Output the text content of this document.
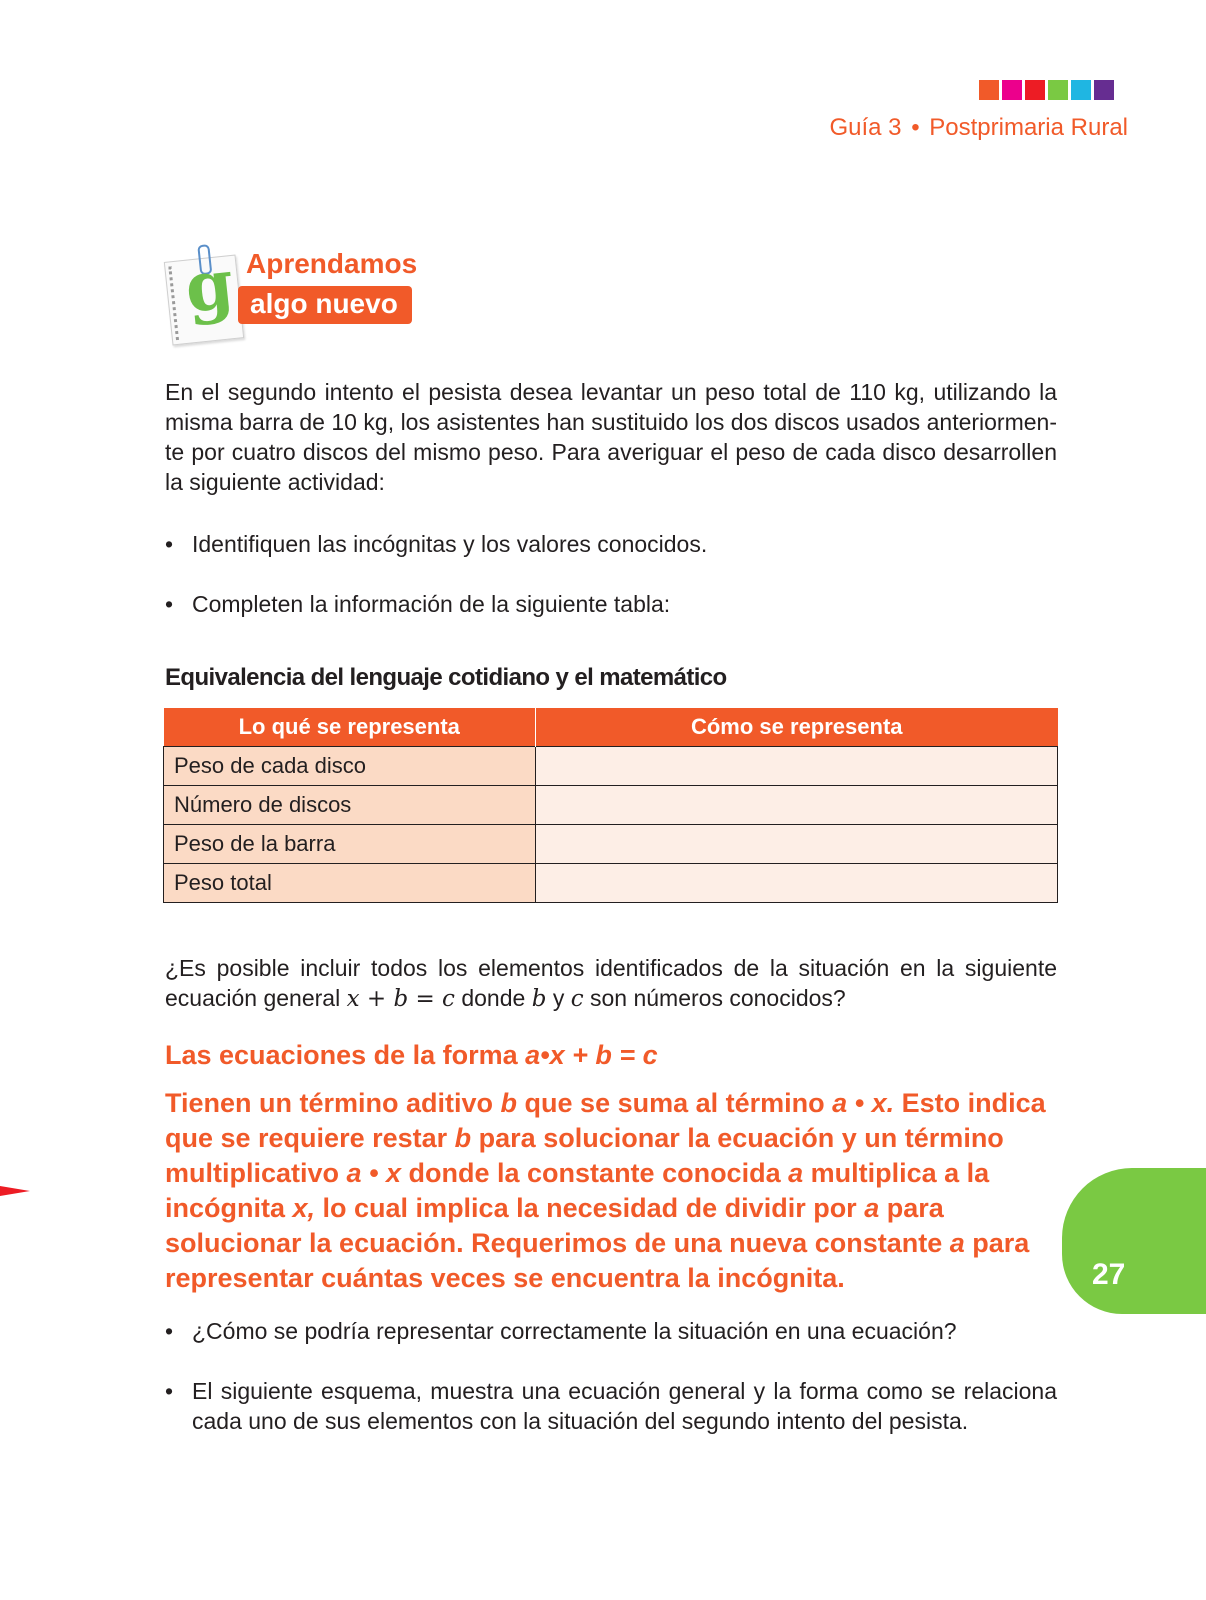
Guía 3 • Postprimaria Rural
g Aprendamos
algo nuevo
En el segundo intento el pesista desea levantar un peso total de 110 kg, utilizando la misma barra de 10 kg, los asistentes han sustituido los dos discos usados anteriormen-te por cuatro discos del mismo peso. Para averiguar el peso de cada disco desarrollen la siguiente actividad:
• Identifiquen las incógnitas y los valores conocidos.
• Completen la información de la siguiente tabla:
Equivalencia del lenguaje cotidiano y el matemático
Lo qué se representa	Cómo se representa
Peso de cada disco	
Número de discos	
Peso de la barra	
Peso total	
¿Es posible incluir todos los elementos identificados de la situación en la siguiente ecuación general x + b = c donde b y c son números conocidos?
Las ecuaciones de la forma a•x + b = c
Tienen un término aditivo b que se suma al término a • x. Esto indica que se requiere restar b para solucionar la ecuación y un término multiplicativo a • x donde la constante conocida a multiplica a la incógnita x, lo cual implica la necesidad de dividir por a para solucionar la ecuación. Requerimos de una nueva constante a para representar cuántas veces se encuentra la incógnita.
• ¿Cómo se podría representar correctamente la situación en una ecuación?
• El siguiente esquema, muestra una ecuación general y la forma como se relaciona cada uno de sus elementos con la situación del segundo intento del pesista.
27
